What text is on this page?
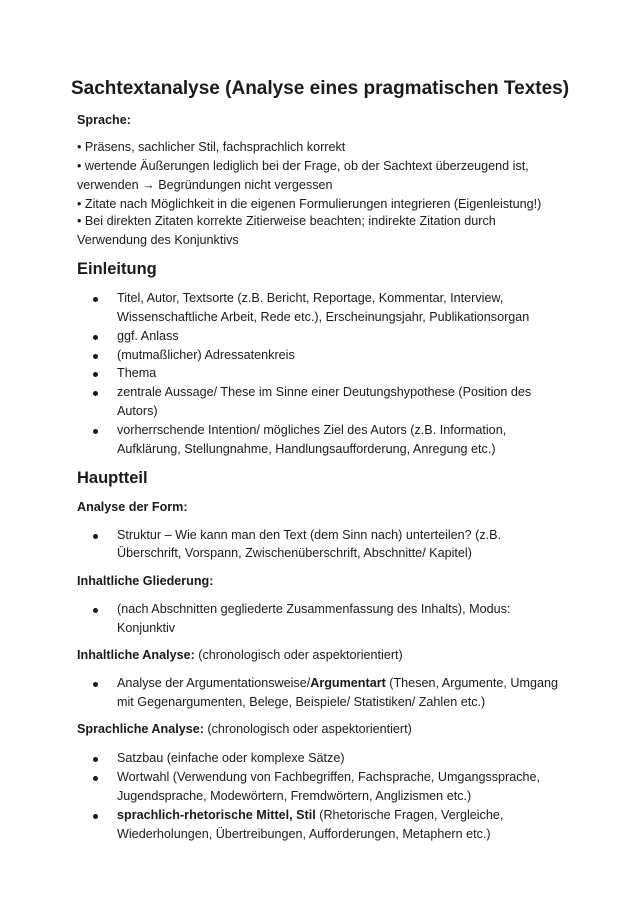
Sachtextanalyse (Analyse eines pragmatischen Textes)
Sprache:
• Präsens, sachlicher Stil, fachsprachlich korrekt
• wertende Äußerungen lediglich bei der Frage, ob der Sachtext überzeugend ist,
verwenden → Begründungen nicht vergessen
• Zitate nach Möglichkeit in die eigenen Formulierungen integrieren (Eigenleistung!)
• Bei direkten Zitaten korrekte Zitierweise beachten; indirekte Zitation durch
Verwendung des Konjunktivs
Einleitung
Titel, Autor, Textsorte (z.B. Bericht, Reportage, Kommentar, Interview,
Wissenschaftliche Arbeit, Rede etc.), Erscheinungsjahr, Publikationsorgan
ggf. Anlass
(mutmaßlicher) Adressatenkreis
Thema
zentrale Aussage/ These im Sinne einer Deutungshypothese (Position des
Autors)
vorherrschende Intention/ mögliches Ziel des Autors (z.B. Information,
Aufklärung, Stellungnahme, Handlungsaufforderung, Anregung etc.)
Hauptteil
Analyse der Form:
Struktur – Wie kann man den Text (dem Sinn nach) unterteilen? (z.B.
Überschrift, Vorspann, Zwischenüberschrift, Abschnitte/ Kapitel)
Inhaltliche Gliederung:
(nach Abschnitten gegliederte Zusammenfassung des Inhalts), Modus:
Konjunktiv
Inhaltliche Analyse: (chronologisch oder aspektorientiert)
Analyse der Argumentationsweise/Argumentart (Thesen, Argumente, Umgang
mit Gegenargumenten, Belege, Beispiele/ Statistiken/ Zahlen etc.)
Sprachliche Analyse: (chronologisch oder aspektorientiert)
Satzbau (einfache oder komplexe Sätze)
Wortwahl (Verwendung von Fachbegriffen, Fachsprache, Umgangssprache,
Jugendsprache, Modewörtern, Fremdwörtern, Anglizismen etc.)
sprachlich-rhetorische Mittel, Stil (Rhetorische Fragen, Vergleiche,
Wiederholungen, Übertreibungen, Aufforderungen, Metaphern etc.)
